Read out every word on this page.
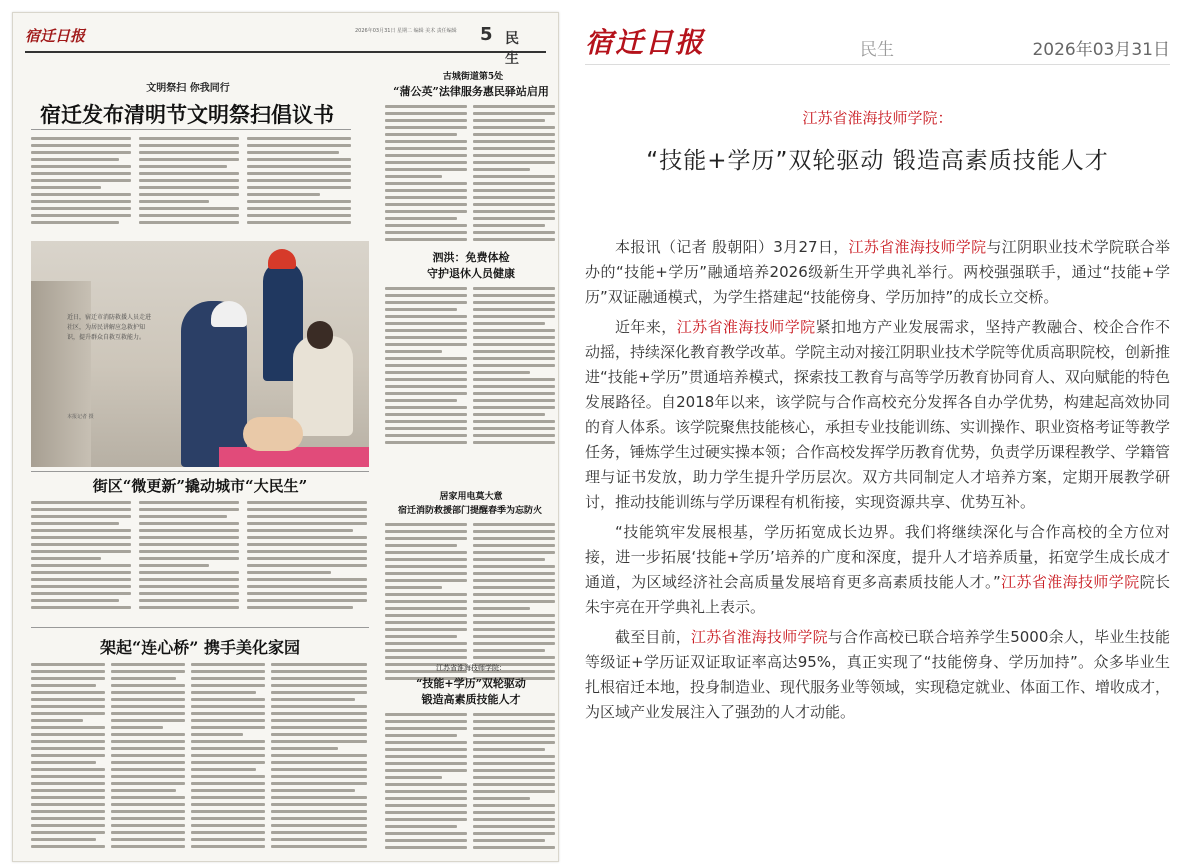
宿迁日报	2026年03月31日 星期二 编辑 美术 责任编辑	5 民 生
文明祭扫 你我同行
宿迁发布清明节文明祭扫倡议书
近日，宿迁市消防救援人员走进社区，为居民讲解应急救护知识，提升群众自救互救能力。
本报记者 摄
古城街道第5处
“蒲公英”法律服务惠民驿站启用
泗洪：免费体检
守护退休人员健康
街区“微更新”撬动城市“大民生”
居家用电莫大意
宿迁消防救援部门提醒春季为忘防火
架起“连心桥” 携手美化家园
江苏省淮海技师学院：
“技能+学历”双轮驱动
锻造高素质技能人才
宿迁日报	民生	2026年03月31日
江苏省淮海技师学院：
“技能+学历”双轮驱动 锻造高素质技能人才

本报讯（记者 殷朝阳）3月27日，江苏省淮海技师学院与江阴职业技术学院联合举办的“技能+学历”融通培养2026级新生开学典礼举行。两校强强联手，通过“技能+学历”双证融通模式，为学生搭建起“技能傍身、学历加持”的成长立交桥。

近年来，江苏省淮海技师学院紧扣地方产业发展需求，坚持产教融合、校企合作不动摇，持续深化教育教学改革。学院主动对接江阴职业技术学院等优质高职院校，创新推进“技能+学历”贯通培养模式，探索技工教育与高等学历教育协同育人、双向赋能的特色发展路径。自2018年以来，该学院与合作高校充分发挥各自办学优势，构建起高效协同的育人体系。该学院聚焦技能核心，承担专业技能训练、实训操作、职业资格考证等教学任务，锤炼学生过硬实操本领；合作高校发挥学历教育优势，负责学历课程教学、学籍管理与证书发放，助力学生提升学历层次。双方共同制定人才培养方案，定期开展教学研讨，推动技能训练与学历课程有机衔接，实现资源共享、优势互补。

“技能筑牢发展根基，学历拓宽成长边界。我们将继续深化与合作高校的全方位对接，进一步拓展‘技能+学历’培养的广度和深度，提升人才培养质量，拓宽学生成长成才通道，为区域经济社会高质量发展培育更多高素质技能人才。”江苏省淮海技师学院院长朱宇亮在开学典礼上表示。

截至目前，江苏省淮海技师学院与合作高校已联合培养学生5000余人，毕业生技能等级证+学历证双证取证率高达95%，真正实现了“技能傍身、学历加持”。众多毕业生扎根宿迁本地，投身制造业、现代服务业等领域，实现稳定就业、体面工作、增收成才，为区域产业发展注入了强劲的人才动能。
